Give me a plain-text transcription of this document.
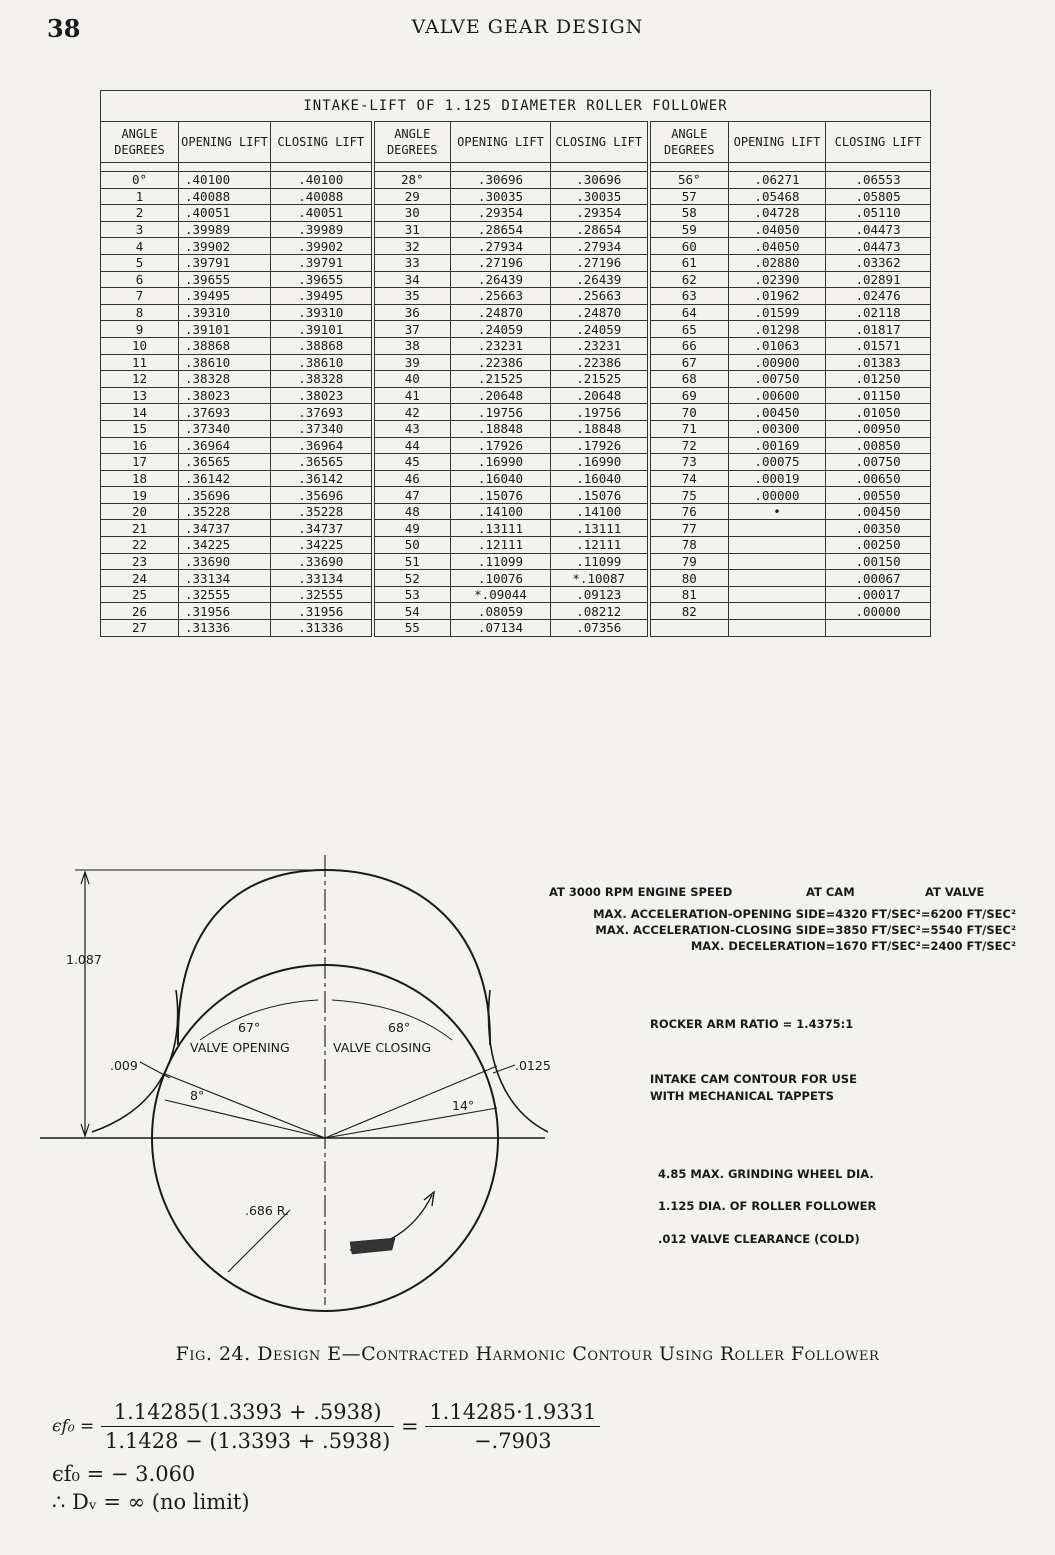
38	VALVE GEAR DESIGN
INTAKE-LIFT OF 1.125 DIAMETER ROLLER FOLLOWER								
ANGLE DEGREES	OPENING LIFT	CLOSING LIFT	ANGLE DEGREES	OPENING LIFT	CLOSING LIFT	ANGLE DEGREES	OPENING LIFT	CLOSING LIFT

0°	.40100	.40100	28°	.30696	.30696	56°	.06271	.06553
1	.40088	.40088	29	.30035	.30035	57	.05468	.05805
2	.40051	.40051	30	.29354	.29354	58	.04728	.05110
3	.39989	.39989	31	.28654	.28654	59	.04050	.04473
4	.39902	.39902	32	.27934	.27934	60	.04050	.04473
5	.39791	.39791	33	.27196	.27196	61	.02880	.03362
6	.39655	.39655	34	.26439	.26439	62	.02390	.02891
7	.39495	.39495	35	.25663	.25663	63	.01962	.02476
8	.39310	.39310	36	.24870	.24870	64	.01599	.02118
9	.39101	.39101	37	.24059	.24059	65	.01298	.01817
10	.38868	.38868	38	.23231	.23231	66	.01063	.01571
11	.38610	.38610	39	.22386	.22386	67	.00900	.01383
12	.38328	.38328	40	.21525	.21525	68	.00750	.01250
13	.38023	.38023	41	.20648	.20648	69	.00600	.01150
14	.37693	.37693	42	.19756	.19756	70	.00450	.01050
15	.37340	.37340	43	.18848	.18848	71	.00300	.00950
16	.36964	.36964	44	.17926	.17926	72	.00169	.00850
17	.36565	.36565	45	.16990	.16990	73	.00075	.00750
18	.36142	.36142	46	.16040	.16040	74	.00019	.00650
19	.35696	.35696	47	.15076	.15076	75	.00000	.00550
20	.35228	.35228	48	.14100	.14100	76	•	.00450
21	.34737	.34737	49	.13111	.13111	77		.00350
22	.34225	.34225	50	.12111	.12111	78		.00250
23	.33690	.33690	51	.11099	.11099	79		.00150
24	.33134	.33134	52	.10076	*.10087	80		.00067
25	.32555	.32555	53	*.09044	.09123	81		.00017
26	.31956	.31956	54	.08059	.08212	82		.00000
27	.31336	.31336	55	.07134	.07356			
1.087
67°	68°
VALVE OPENING	VALVE CLOSING
.009	.0125
8°
14°
.686 R.
AT 3000 RPM ENGINE SPEED	AT CAM	AT VALVE
MAX. ACCELERATION-OPENING SIDE=4320 FT/SEC²=6200 FT/SEC²
MAX. ACCELERATION-CLOSING SIDE=3850 FT/SEC²=5540 FT/SEC²
MAX. DECELERATION=1670 FT/SEC²=2400 FT/SEC²
ROCKER ARM RATIO = 1.4375:1
INTAKE CAM CONTOUR FOR USE
WITH MECHANICAL TAPPETS
4.85 MAX. GRINDING WHEEL DIA.
1.125 DIA. OF ROLLER FOLLOWER
.012 VALVE CLEARANCE (COLD)
Fig. 24. Design E—Contracted Harmonic Contour Using Roller Follower
$\epsilon f_0 = \frac{1.14285(1.3393 + .5938)}{1.1428 - (1.3393 + .5938)} = \frac{1.14285\cdot 1.9331}{-.7903}$
ϵf₀ = − 3.060
∴ Dᵥ = ∞ (no limit)
